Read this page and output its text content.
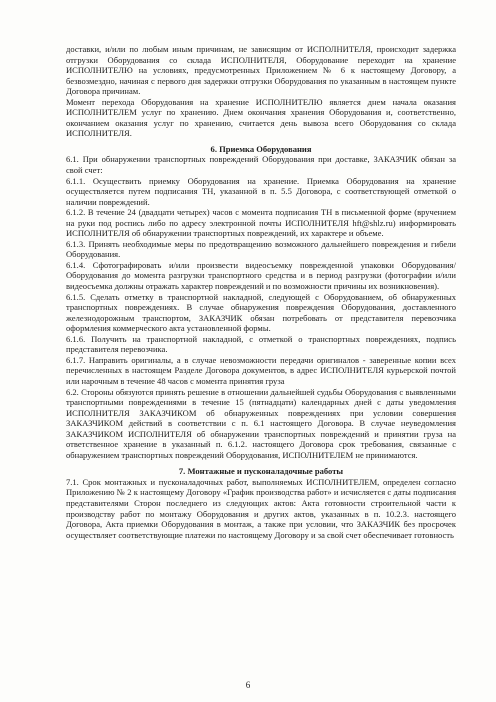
доставки, и/или по любым иным причинам, не зависящим от ИСПОЛНИТЕЛЯ, происходит задержка отгрузки Оборудования со склада ИСПОЛНИТЕЛЯ, Оборудование переходит на хранение ИСПОЛНИТЕЛЮ на условиях, предусмотренных Приложением № 6 к настоящему Договору, а безвозмездно, начиная с первого дня задержки отгрузки Оборудования по указанным в настоящем пункте Договора причинам.

Момент перехода Оборудования на хранение ИСПОЛНИТЕЛЮ является днем начала оказания ИСПОЛНИТЕЛЕМ услуг по хранению. Днем окончания хранения Оборудования и, соответственно, окончанием оказания услуг по хранению, считается день вывоза всего Оборудования со склада ИСПОЛНИТЕЛЯ.

6. Приемка Оборудования

6.1. При обнаружении транспортных повреждений Оборудования при доставке, ЗАКАЗЧИК обязан за свой счет:

6.1.1. Осуществить приемку Оборудования на хранение. Приемка Оборудования на хранение осуществляется путем подписания ТН, указанной в п. 5.5 Договора, с соответствующей отметкой о наличии повреждений.

6.1.2. В течение 24 (двадцати четырех) часов с момента подписания ТН в письменной форме (вручением на руки под роспись либо по адресу электронной почты ИСПОЛНИТЕЛЯ hft@shlz.ru) информировать ИСПОЛНИТЕЛЯ об обнаружении транспортных повреждений, их характере и объеме.

6.1.3. Принять необходимые меры по предотвращению возможного дальнейшего повреждения и гибели Оборудования.

6.1.4. Сфотографировать и/или произвести видеосъемку поврежденной упаковки Оборудования/Оборудования до момента разгрузки транспортного средства и в период разгрузки (фотографии и/или видеосъемка должны отражать характер повреждений и по возможности причины их возникновения).

6.1.5. Сделать отметку в транспортной накладной, следующей с Оборудованием, об обнаруженных транспортных повреждениях. В случае обнаружения повреждения Оборудования, доставленного железнодорожным транспортом, ЗАКАЗЧИК обязан потребовать от представителя перевозчика оформления коммерческого акта установленной формы.

6.1.6. Получить на транспортной накладной, с отметкой о транспортных повреждениях, подпись представителя перевозчика.

6.1.7. Направить оригиналы, а в случае невозможности передачи оригиналов - заверенные копии всех перечисленных в настоящем Разделе Договора документов, в адрес ИСПОЛНИТЕЛЯ курьерской почтой или нарочным в течение 48 часов с момента принятия груза

6.2. Стороны обязуются принять решение в отношении дальнейшей судьбы Оборудования с выявленными транспортными повреждениями в течение 15 (пятнадцати) календарных дней с даты уведомления ИСПОЛНИТЕЛЯ ЗАКАЗЧИКОМ об обнаруженных повреждениях при условии совершения ЗАКАЗЧИКОМ действий в соответствии с п. 6.1 настоящего Договора. В случае неуведомления ЗАКАЗЧИКОМ ИСПОЛНИТЕЛЯ об обнаружении транспортных повреждений и принятии груза на ответственное хранение в указанный п. 6.1.2. настоящего Договора срок требования, связанные с обнаружением транспортных повреждений Оборудования, ИСПОЛНИТЕЛЕМ не принимаются.

7. Монтажные и пусконаладочные работы

7.1. Срок монтажных и пусконаладочных работ, выполняемых ИСПОЛНИТЕЛЕМ, определен согласно Приложению № 2 к настоящему Договору «График производства работ» и исчисляется с даты подписания представителями Сторон последнего из следующих актов: Акта готовности строительной части к производству работ по монтажу Оборудования и других актов, указанных в п. 10.2.3. настоящего Договора, Акта приемки Оборудования в монтаж, а также при условии, что ЗАКАЗЧИК без просрочек осуществляет соответствующие платежи по настоящему Договору и за свой счет обеспечивает готовность

6
